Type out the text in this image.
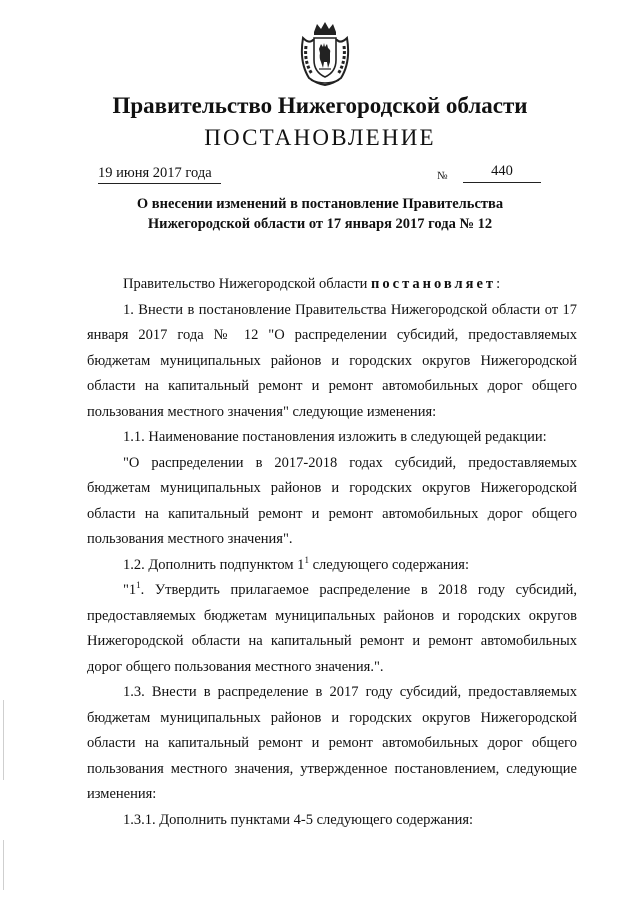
Правительство Нижегородской области
ПОСТАНОВЛЕНИЕ
19 июня 2017 года	№	440
О внесении изменений в постановление Правительства
Нижегородской области от 17 января 2017 года № 12

Правительство Нижегородской области постановляет:

1. Внести в постановление Правительства Нижегородской области от 17 января 2017 года № 12 "О распределении субсидий, предоставляемых бюджетам муниципальных районов и городских округов Нижегородской области на капитальный ремонт и ремонт автомобильных дорог общего пользования местного значения" следующие изменения:

1.1. Наименование постановления изложить в следующей редакции:

"О распределении в 2017-2018 годах субсидий, предоставляемых бюджетам муниципальных районов и городских округов Нижегородской области на капитальный ремонт и ремонт автомобильных дорог общего пользования местного значения".

1.2. Дополнить подпунктом $1^1$ следующего содержания:

"$1^1$. Утвердить прилагаемое распределение в 2018 году субсидий, предоставляемых бюджетам муниципальных районов и городских округов Нижегородской области на капитальный ремонт и ремонт автомобильных дорог общего пользования местного значения.".

1.3. Внести в распределение в 2017 году субсидий, предоставляемых бюджетам муниципальных районов и городских округов Нижегородской области на капитальный ремонт и ремонт автомобильных дорог общего пользования местного значения, утвержденное постановлением, следующие изменения:

1.3.1. Дополнить пунктами 4-5 следующего содержания:
